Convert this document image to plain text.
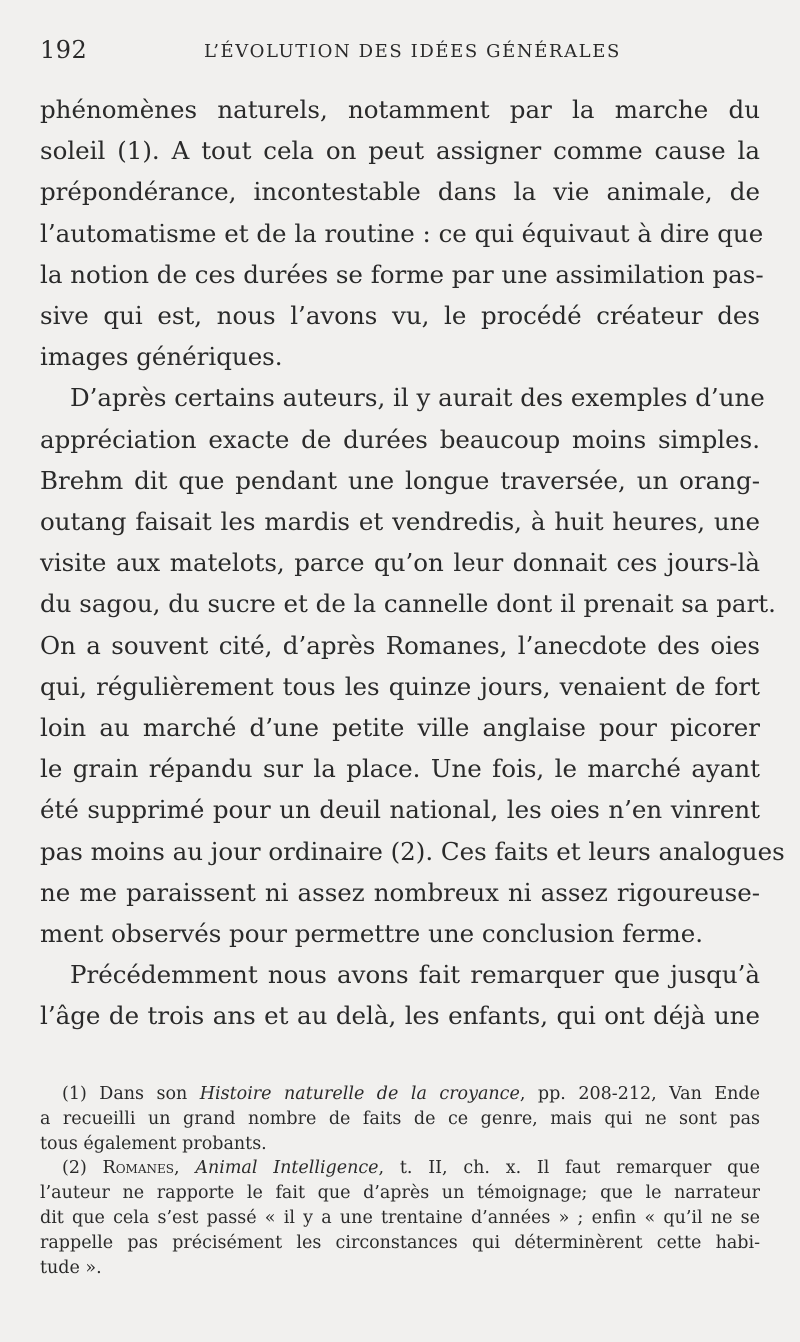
192	L’ÉVOLUTION DES IDÉES GÉNÉRALES

phénomènes naturels, notamment par la marche du
soleil (1). A tout cela on peut assigner comme cause la
prépondérance, incontestable dans la vie animale, de
l’automatisme et de la routine : ce qui équivaut à dire que
la notion de ces durées se forme par une assimilation pas-
sive qui est, nous l’avons vu, le procédé créateur des
images génériques.

D’après certains auteurs, il y aurait des exemples d’une
appréciation exacte de durées beaucoup moins simples.
Brehm dit que pendant une longue traversée, un orang-
outang faisait les mardis et vendredis, à huit heures, une
visite aux matelots, parce qu’on leur donnait ces jours-là
du sagou, du sucre et de la cannelle dont il prenait sa part.
On a souvent cité, d’après Romanes, l’anecdote des oies
qui, régulièrement tous les quinze jours, venaient de fort
loin au marché d’une petite ville anglaise pour picorer
le grain répandu sur la place. Une fois, le marché ayant
été supprimé pour un deuil national, les oies n’en vinrent
pas moins au jour ordinaire (2). Ces faits et leurs analogues
ne me paraissent ni assez nombreux ni assez rigoureuse-
ment observés pour permettre une conclusion ferme.

Précédemment nous avons fait remarquer que jusqu’à
l’âge de trois ans et au delà, les enfants, qui ont déjà une

(1) Dans son Histoire naturelle de la croyance, pp. 208-212, Van Ende
a recueilli un grand nombre de faits de ce genre, mais qui ne sont pas
tous également probants.

(2) Romanes, Animal Intelligence, t. II, ch. x. Il faut remarquer que
l’auteur ne rapporte le fait que d’après un témoignage; que le narrateur
dit que cela s’est passé « il y a une trentaine d’années » ; enfin « qu’il ne se
rappelle pas précisément les circonstances qui déterminèrent cette habi-
tude ».
